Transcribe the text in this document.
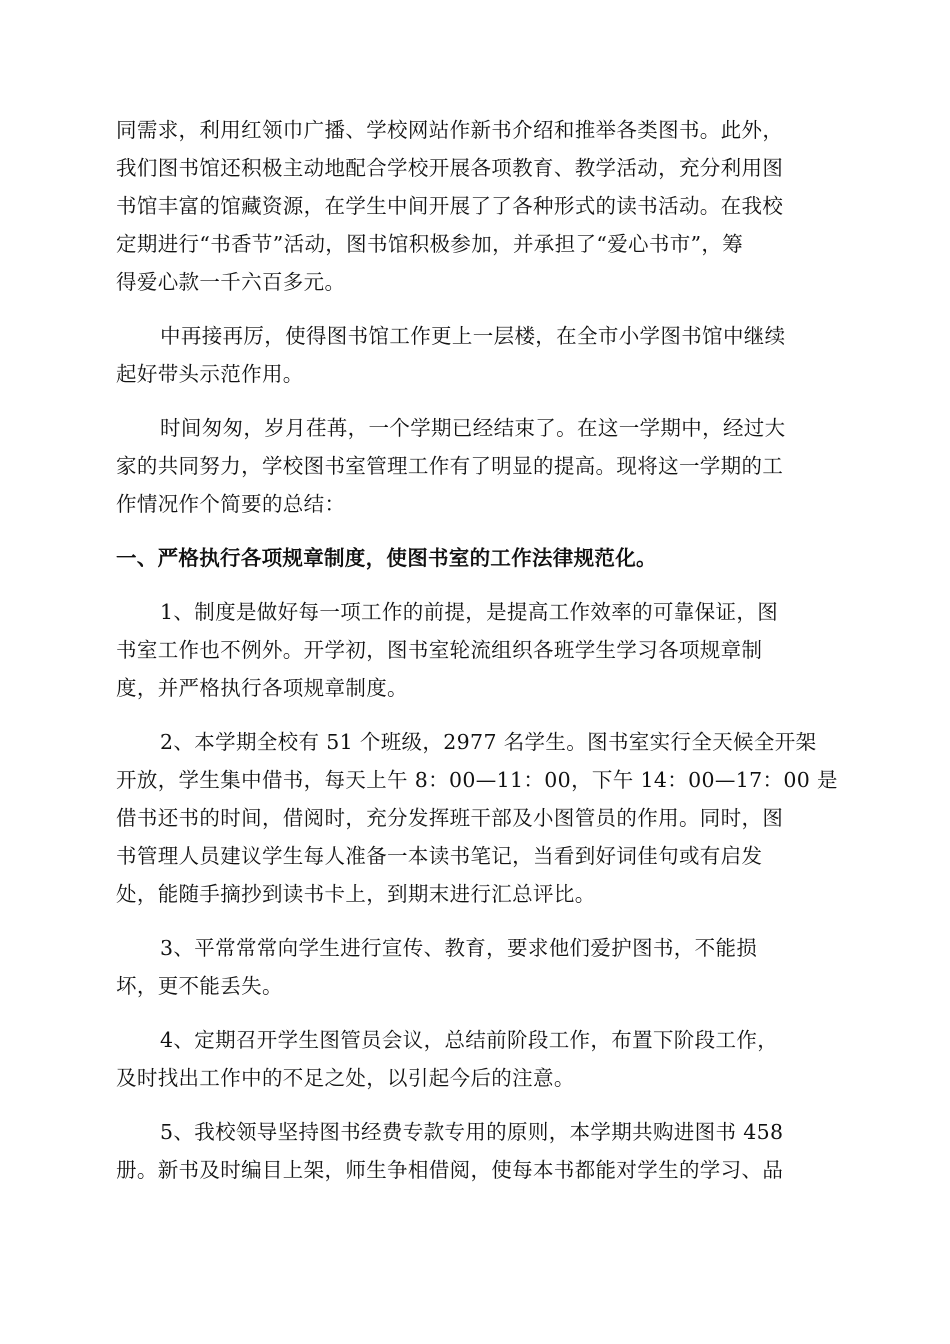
同需求，利用红领巾广播、学校网站作新书介绍和推举各类图书。此外，
我们图书馆还积极主动地配合学校开展各项教育、教学活动，充分利用图
书馆丰富的馆藏资源，在学生中间开展了了各种形式的读书活动。在我校
定期进行“书香节”活动，图书馆积极参加，并承担了“爱心书市”，筹
得爱心款一千六百多元。
中再接再厉，使得图书馆工作更上一层楼，在全市小学图书馆中继续
起好带头示范作用。
时间匆匆，岁月荏苒，一个学期已经结束了。在这一学期中，经过大
家的共同努力，学校图书室管理工作有了明显的提高。现将这一学期的工
作情况作个简要的总结：
一、严格执行各项规章制度，使图书室的工作法律规范化。
1、制度是做好每一项工作的前提，是提高工作效率的可靠保证，图
书室工作也不例外。开学初，图书室轮流组织各班学生学习各项规章制
度，并严格执行各项规章制度。
2、本学期全校有 51 个班级，2977 名学生。图书室实行全天候全开架
开放，学生集中借书，每天上午 8：00—11：00，下午 14：00—17：00 是
借书还书的时间，借阅时，充分发挥班干部及小图管员的作用。同时，图
书管理人员建议学生每人准备一本读书笔记，当看到好词佳句或有启发
处，能随手摘抄到读书卡上，到期末进行汇总评比。
3、平常常常向学生进行宣传、教育，要求他们爱护图书，不能损
坏，更不能丢失。
4、定期召开学生图管员会议，总结前阶段工作，布置下阶段工作，
及时找出工作中的不足之处，以引起今后的注意。
5、我校领导坚持图书经费专款专用的原则，本学期共购进图书 458
册。新书及时编目上架，师生争相借阅，使每本书都能对学生的学习、品
